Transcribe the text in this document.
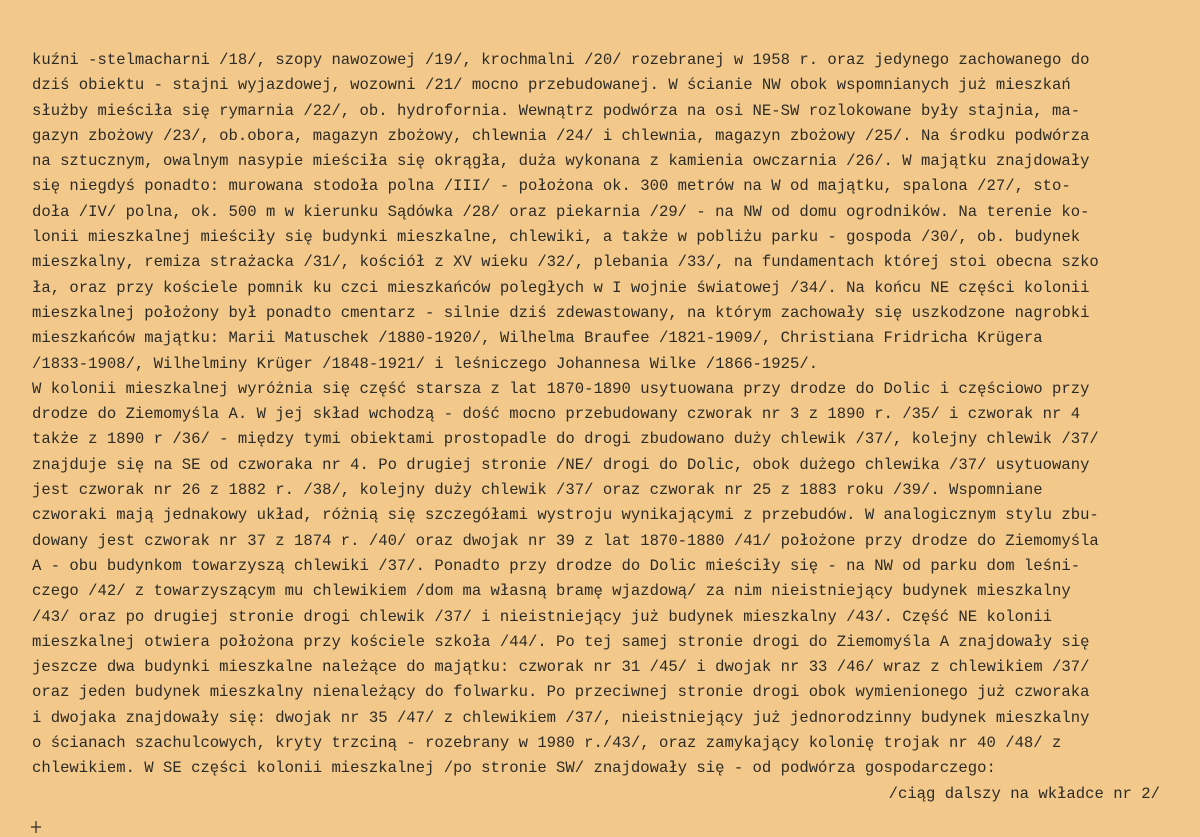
kuźni -stelmacharni /18/, szopy nawozowej /19/, krochmalni /20/ rozebranej w 1958 r. oraz jedynego zachowanego do
dziś obiektu - stajni wyjazdowej, wozowni /21/ mocno przebudowanej. W ścianie NW obok wspomnianych już mieszkań
służby mieściła się rymarnia /22/, ob. hydrofornia. Wewnątrz podwórza na osi NE-SW rozlokowane były stajnia, ma-
gazyn zbożowy /23/, ob.obora, magazyn zbożowy, chlewnia /24/ i chlewnia, magazyn zbożowy /25/. Na środku podwórza
na sztucznym, owalnym nasypie mieściła się okrągła, duża wykonana z kamienia owczarnia /26/. W majątku znajdowały
się niegdyś ponadto: murowana stodoła polna /III/ - położona ok. 300 metrów na W od majątku, spalona /27/, sto-
doła /IV/ polna, ok. 500 m w kierunku Sądówka /28/ oraz piekarnia /29/ - na NW od domu ogrodników. Na terenie ko-
lonii mieszkalnej mieściły się budynki mieszkalne, chlewiki, a także w pobliżu parku - gospoda /30/, ob. budynek
mieszkalny, remiza strażacka /31/, kościół z XV wieku /32/, plebania /33/, na fundamentach której stoi obecna szko
ła, oraz przy kościele pomnik ku czci mieszkańców poległych w I wojnie światowej /34/. Na końcu NE części kolonii
mieszkalnej położony był ponadto cmentarz - silnie dziś zdewastowany, na którym zachowały się uszkodzone nagrobki
mieszkańców majątku: Marii Matuschek /1880-1920/, Wilhelma Braufee /1821-1909/, Christiana Fridricha Krügera
/1833-1908/, Wilhelminy Krüger /1848-1921/ i leśniczego Johannesa Wilke /1866-1925/.
W kolonii mieszkalnej wyróżnia się część starsza z lat 1870-1890 usytuowana przy drodze do Dolic i częściowo przy
drodze do Ziemomyśla A. W jej skład wchodzą - dość mocno przebudowany czworak nr 3 z 1890 r. /35/ i czworak nr 4
także z 1890 r /36/ - między tymi obiektami prostopadle do drogi zbudowano duży chlewik /37/, kolejny chlewik /37/
znajduje się na SE od czworaka nr 4. Po drugiej stronie /NE/ drogi do Dolic, obok dużego chlewika /37/ usytuowany
jest czworak nr 26 z 1882 r. /38/, kolejny duży chlewik /37/ oraz czworak nr 25 z 1883 roku /39/. Wspomniane
czworaki mają jednakowy układ, różnią się szczegółami wystroju wynikającymi z przebudów. W analogicznym stylu zbu-
dowany jest czworak nr 37 z 1874 r. /40/ oraz dwojak nr 39 z lat 1870-1880 /41/ położone przy drodze do Ziemomyśla
A - obu budynkom towarzyszą chlewiki /37/. Ponadto przy drodze do Dolic mieściły się - na NW od parku dom leśni-
czego /42/ z towarzyszącym mu chlewikiem /dom ma własną bramę wjazdową/ za nim nieistniejący budynek mieszkalny
/43/ oraz po drugiej stronie drogi chlewik /37/ i nieistniejący już budynek mieszkalny /43/. Część NE kolonii
mieszkalnej otwiera położona przy kościele szkoła /44/. Po tej samej stronie drogi do Ziemomyśla A znajdowały się
jeszcze dwa budynki mieszkalne należące do majątku: czworak nr 31 /45/ i dwojak nr 33 /46/ wraz z chlewikiem /37/
oraz jeden budynek mieszkalny nienależący do folwarku. Po przeciwnej stronie drogi obok wymienionego już czworaka
i dwojaka znajdowały się: dwojak nr 35 /47/ z chlewikiem /37/, nieistniejący już jednorodzinny budynek mieszkalny
o ścianach szachulcowych, kryty trzciną - rozebrany w 1980 r./43/, oraz zamykający kolonię trojak nr 40 /48/ z
chlewikiem. W SE części kolonii mieszkalnej /po stronie SW/ znajdowały się - od podwórza gospodarczego:
/ciąg dalszy na wkładce nr 2/
